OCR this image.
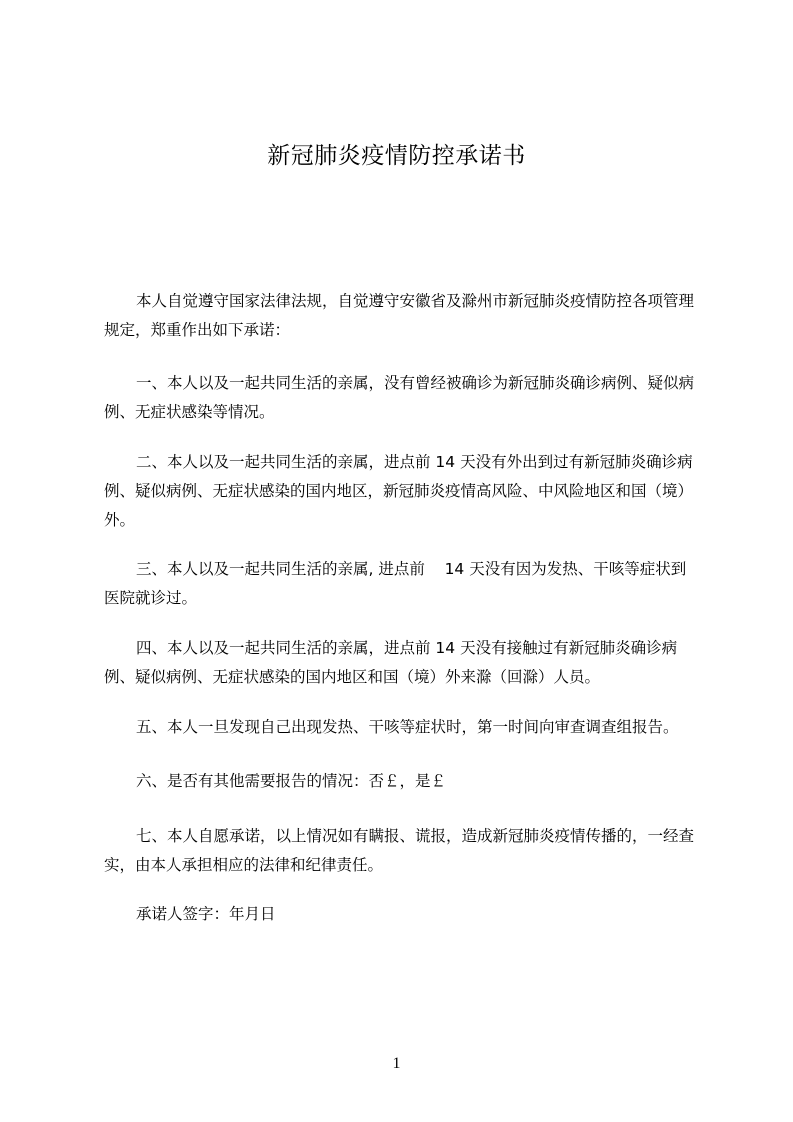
新冠肺炎疫情防控承诺书

本人自觉遵守国家法律法规，自觉遵守安徽省及滁州市新冠肺炎疫情防控各项管理规定，郑重作出如下承诺：

一、本人以及一起共同生活的亲属，没有曾经被确诊为新冠肺炎确诊病例、疑似病例、无症状感染等情况。

二、本人以及一起共同生活的亲属，进点前 14 天没有外出到过有新冠肺炎确诊病例、疑似病例、无症状感染的国内地区，新冠肺炎疫情高风险、中风险地区和国（境）外。

三、本人以及一起共同生活的亲属, 进点前    14 天没有因为发热、干咳等症状到医院就诊过。

四、本人以及一起共同生活的亲属，进点前 14 天没有接触过有新冠肺炎确诊病例、疑似病例、无症状感染的国内地区和国（境）外来滁（回滁）人员。

五、本人一旦发现自己出现发热、干咳等症状时，第一时间向审查调查组报告。

六、是否有其他需要报告的情况：否￡，是￡

七、本人自愿承诺，以上情况如有瞒报、谎报，造成新冠肺炎疫情传播的，一经查实，由本人承担相应的法律和纪律责任。

承诺人签字：年月日

1
